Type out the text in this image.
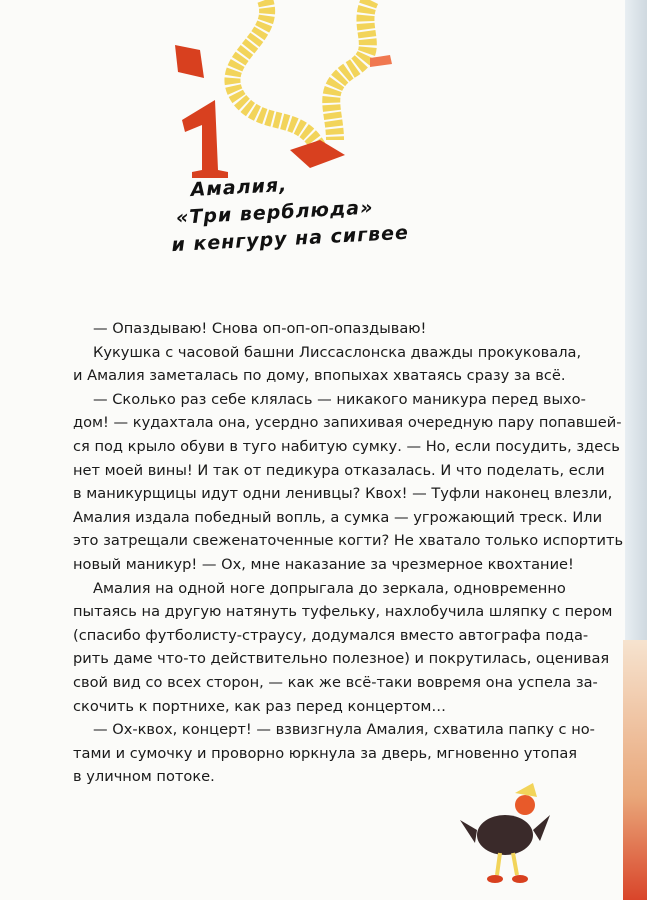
Амалия,
«Три верблюда»
и кенгуру на сигвее
— Опаздываю! Снова оп-оп-оп-опаздываю!
Кукушка с часовой башни Лиссаслонска дважды прокуковала,
и Амалия заметалась по дому, впопыхах хватаясь сразу за всё.
— Сколько раз себе клялась — никакого маникура перед выхо-
дом! — кудахтала она, усердно запихивая очередную пару попавшей-
ся под крыло обуви в туго набитую сумку. — Но, если посудить, здесь
нет моей вины! И так от педикура отказалась. И что поделать, если
в маникурщицы идут одни ленивцы? Квох! — Туфли наконец влезли,
Амалия издала победный вопль, а сумка — угрожающий треск. Или
это затрещали свеженаточенные когти? Не хватало только испортить
новый маникур! — Ох, мне наказание за чрезмерное квохтание!
Амалия на одной ноге допрыгала до зеркала, одновременно
пытаясь на другую натянуть туфельку, нахлобучила шляпку с пером
(спасибо футболисту-страусу, додумался вместо автографа пода-
рить даме что-то действительно полезное) и покрутилась, оценивая
свой вид со всех сторон, — как же всё-таки вовремя она успела за-
скочить к портнихе, как раз перед концертом…
— Ох-квох, концерт! — взвизгнула Амалия, схватила папку с но-
тами и сумочку и проворно юркнула за дверь, мгновенно утопая
в уличном потоке.
